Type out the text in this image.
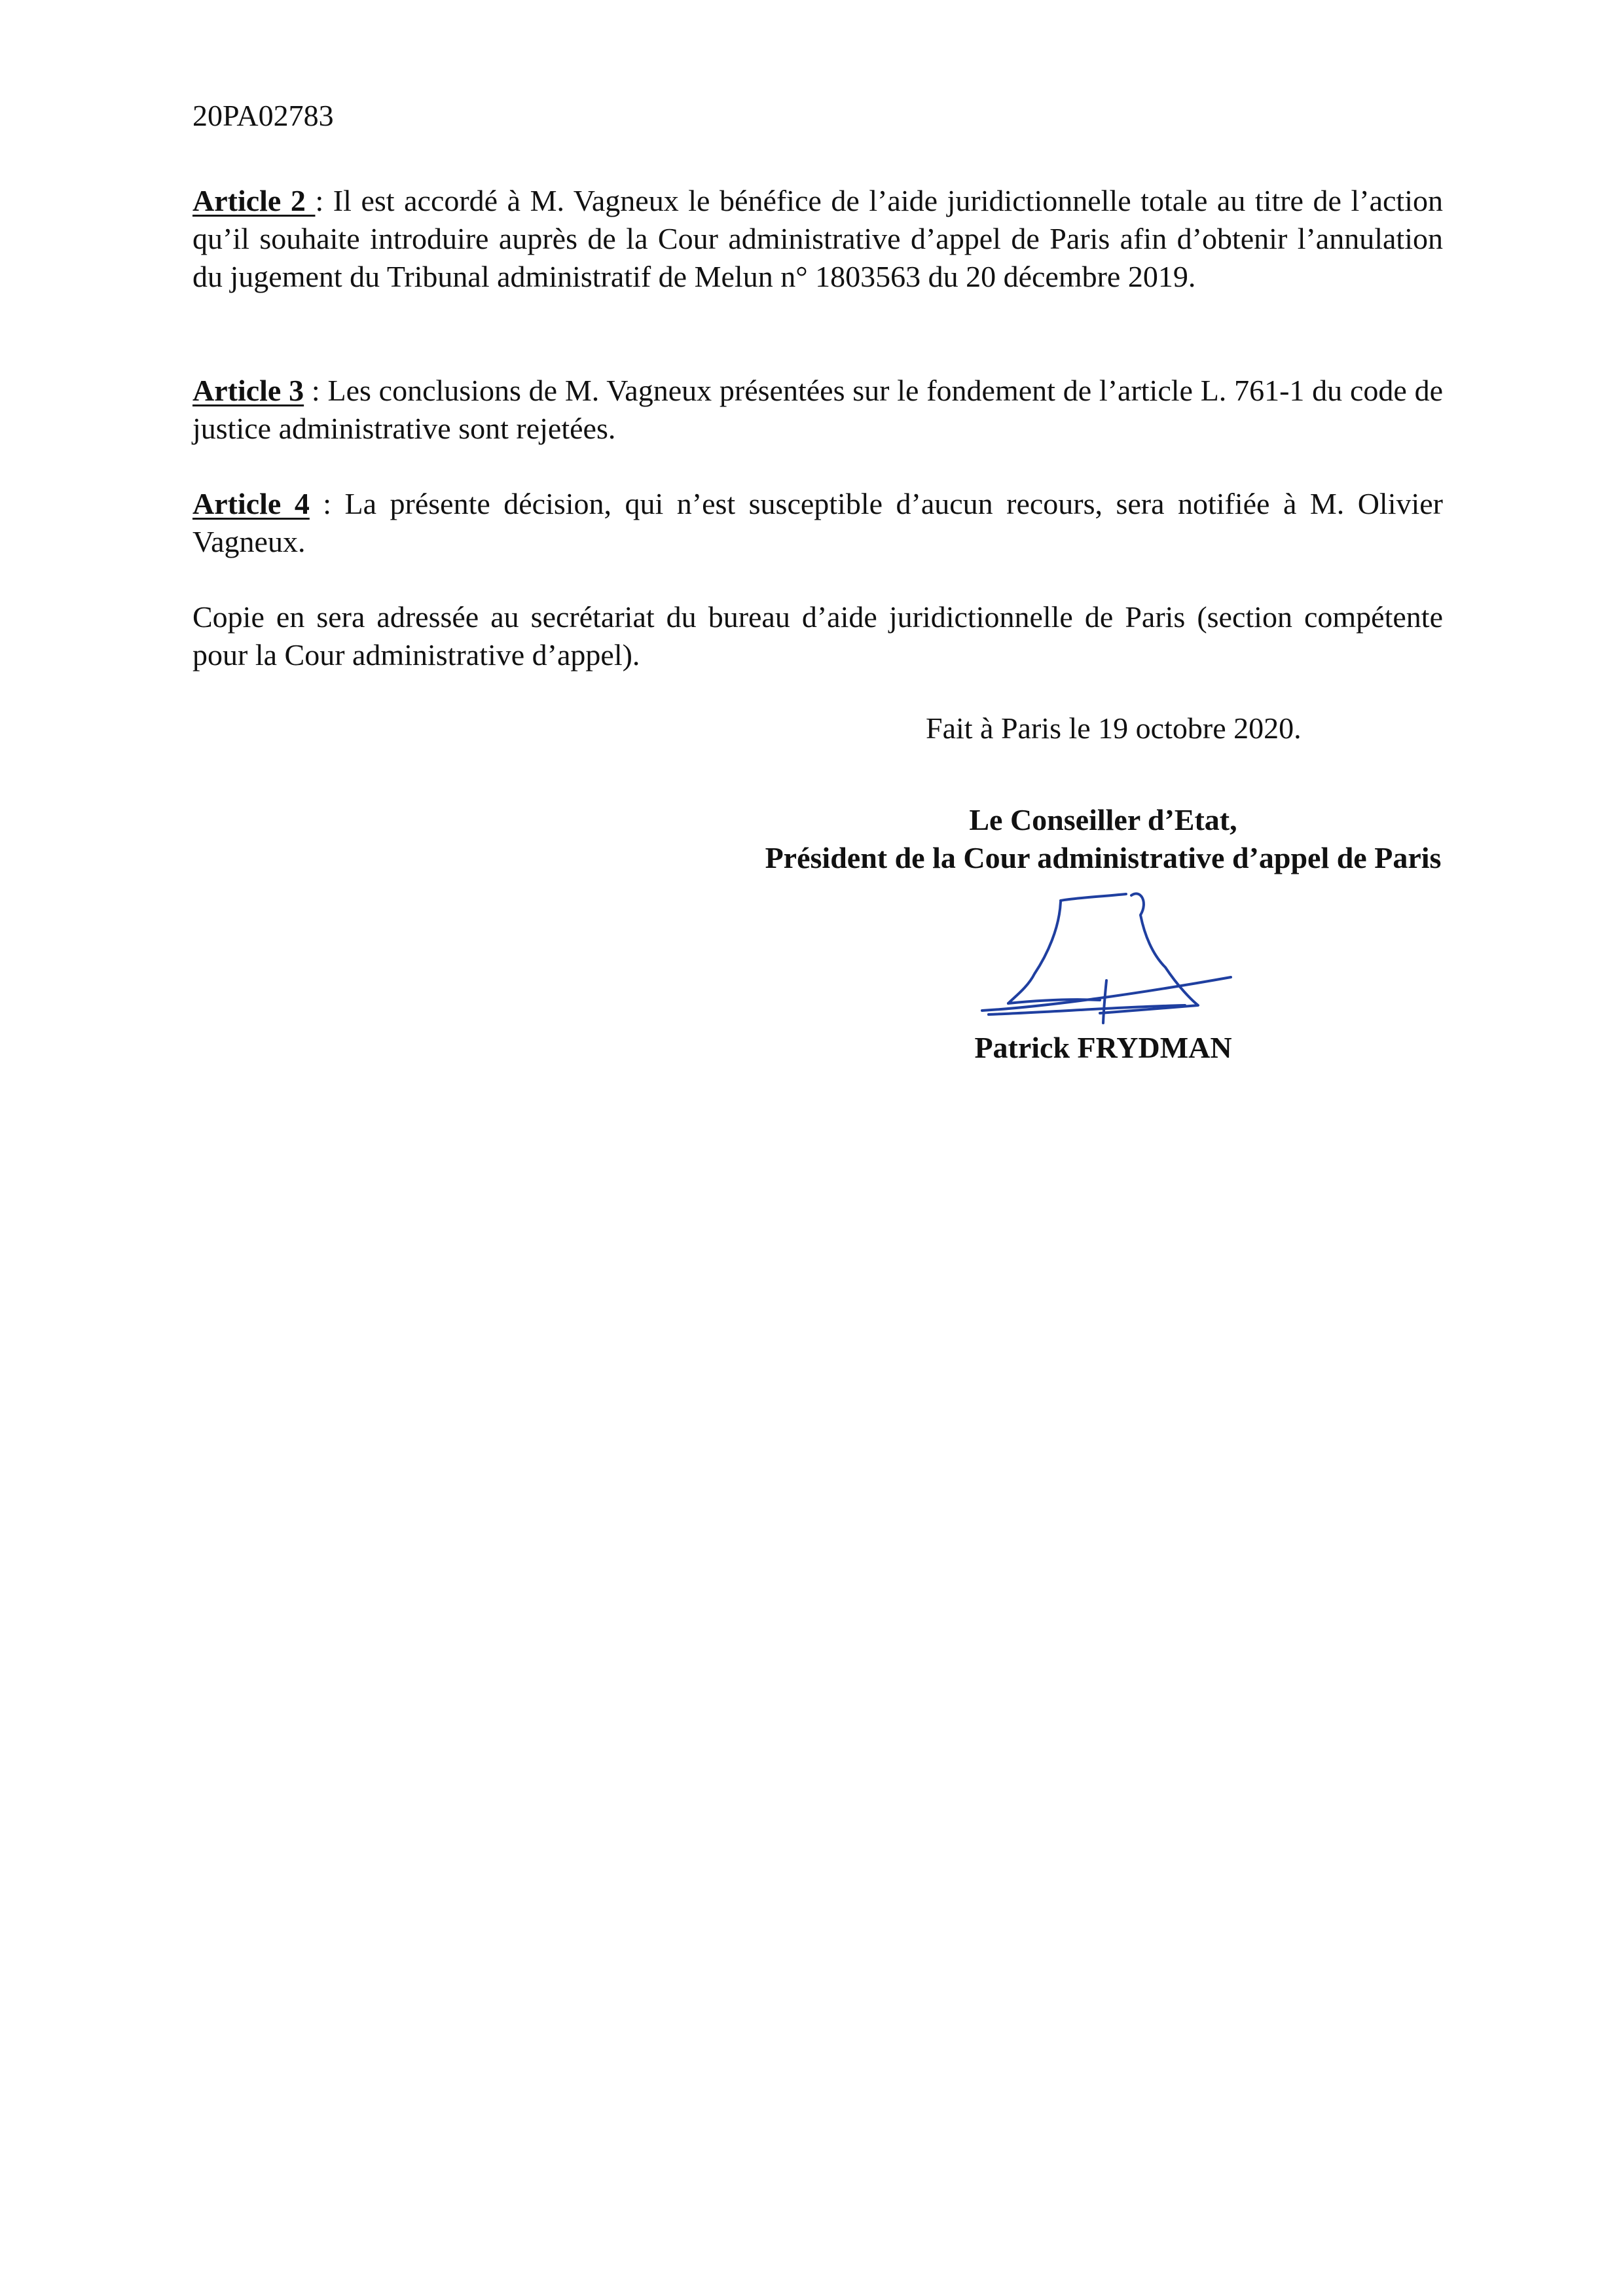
20PA02783

Article 2 : Il est accordé à M. Vagneux le bénéfice de l’aide juridictionnelle totale au titre de l’action qu’il souhaite introduire auprès de la Cour administrative d’appel de Paris afin d’obtenir l’annulation du jugement du Tribunal administratif de Melun n° 1803563 du 20 décembre 2019.

Article 3 : Les conclusions de M. Vagneux présentées sur le fondement de l’article L. 761-1 du code de justice administrative sont rejetées.

Article 4 : La présente décision, qui n’est susceptible d’aucun recours, sera notifiée à M. Olivier Vagneux.

Copie en sera adressée au secrétariat du bureau d’aide juridictionnelle de Paris (section compétente pour la Cour administrative d’appel).

Fait à Paris le 19 octobre 2020.
Le Conseiller d’Etat,
Président de la Cour administrative d’appel de Paris
Patrick FRYDMAN
